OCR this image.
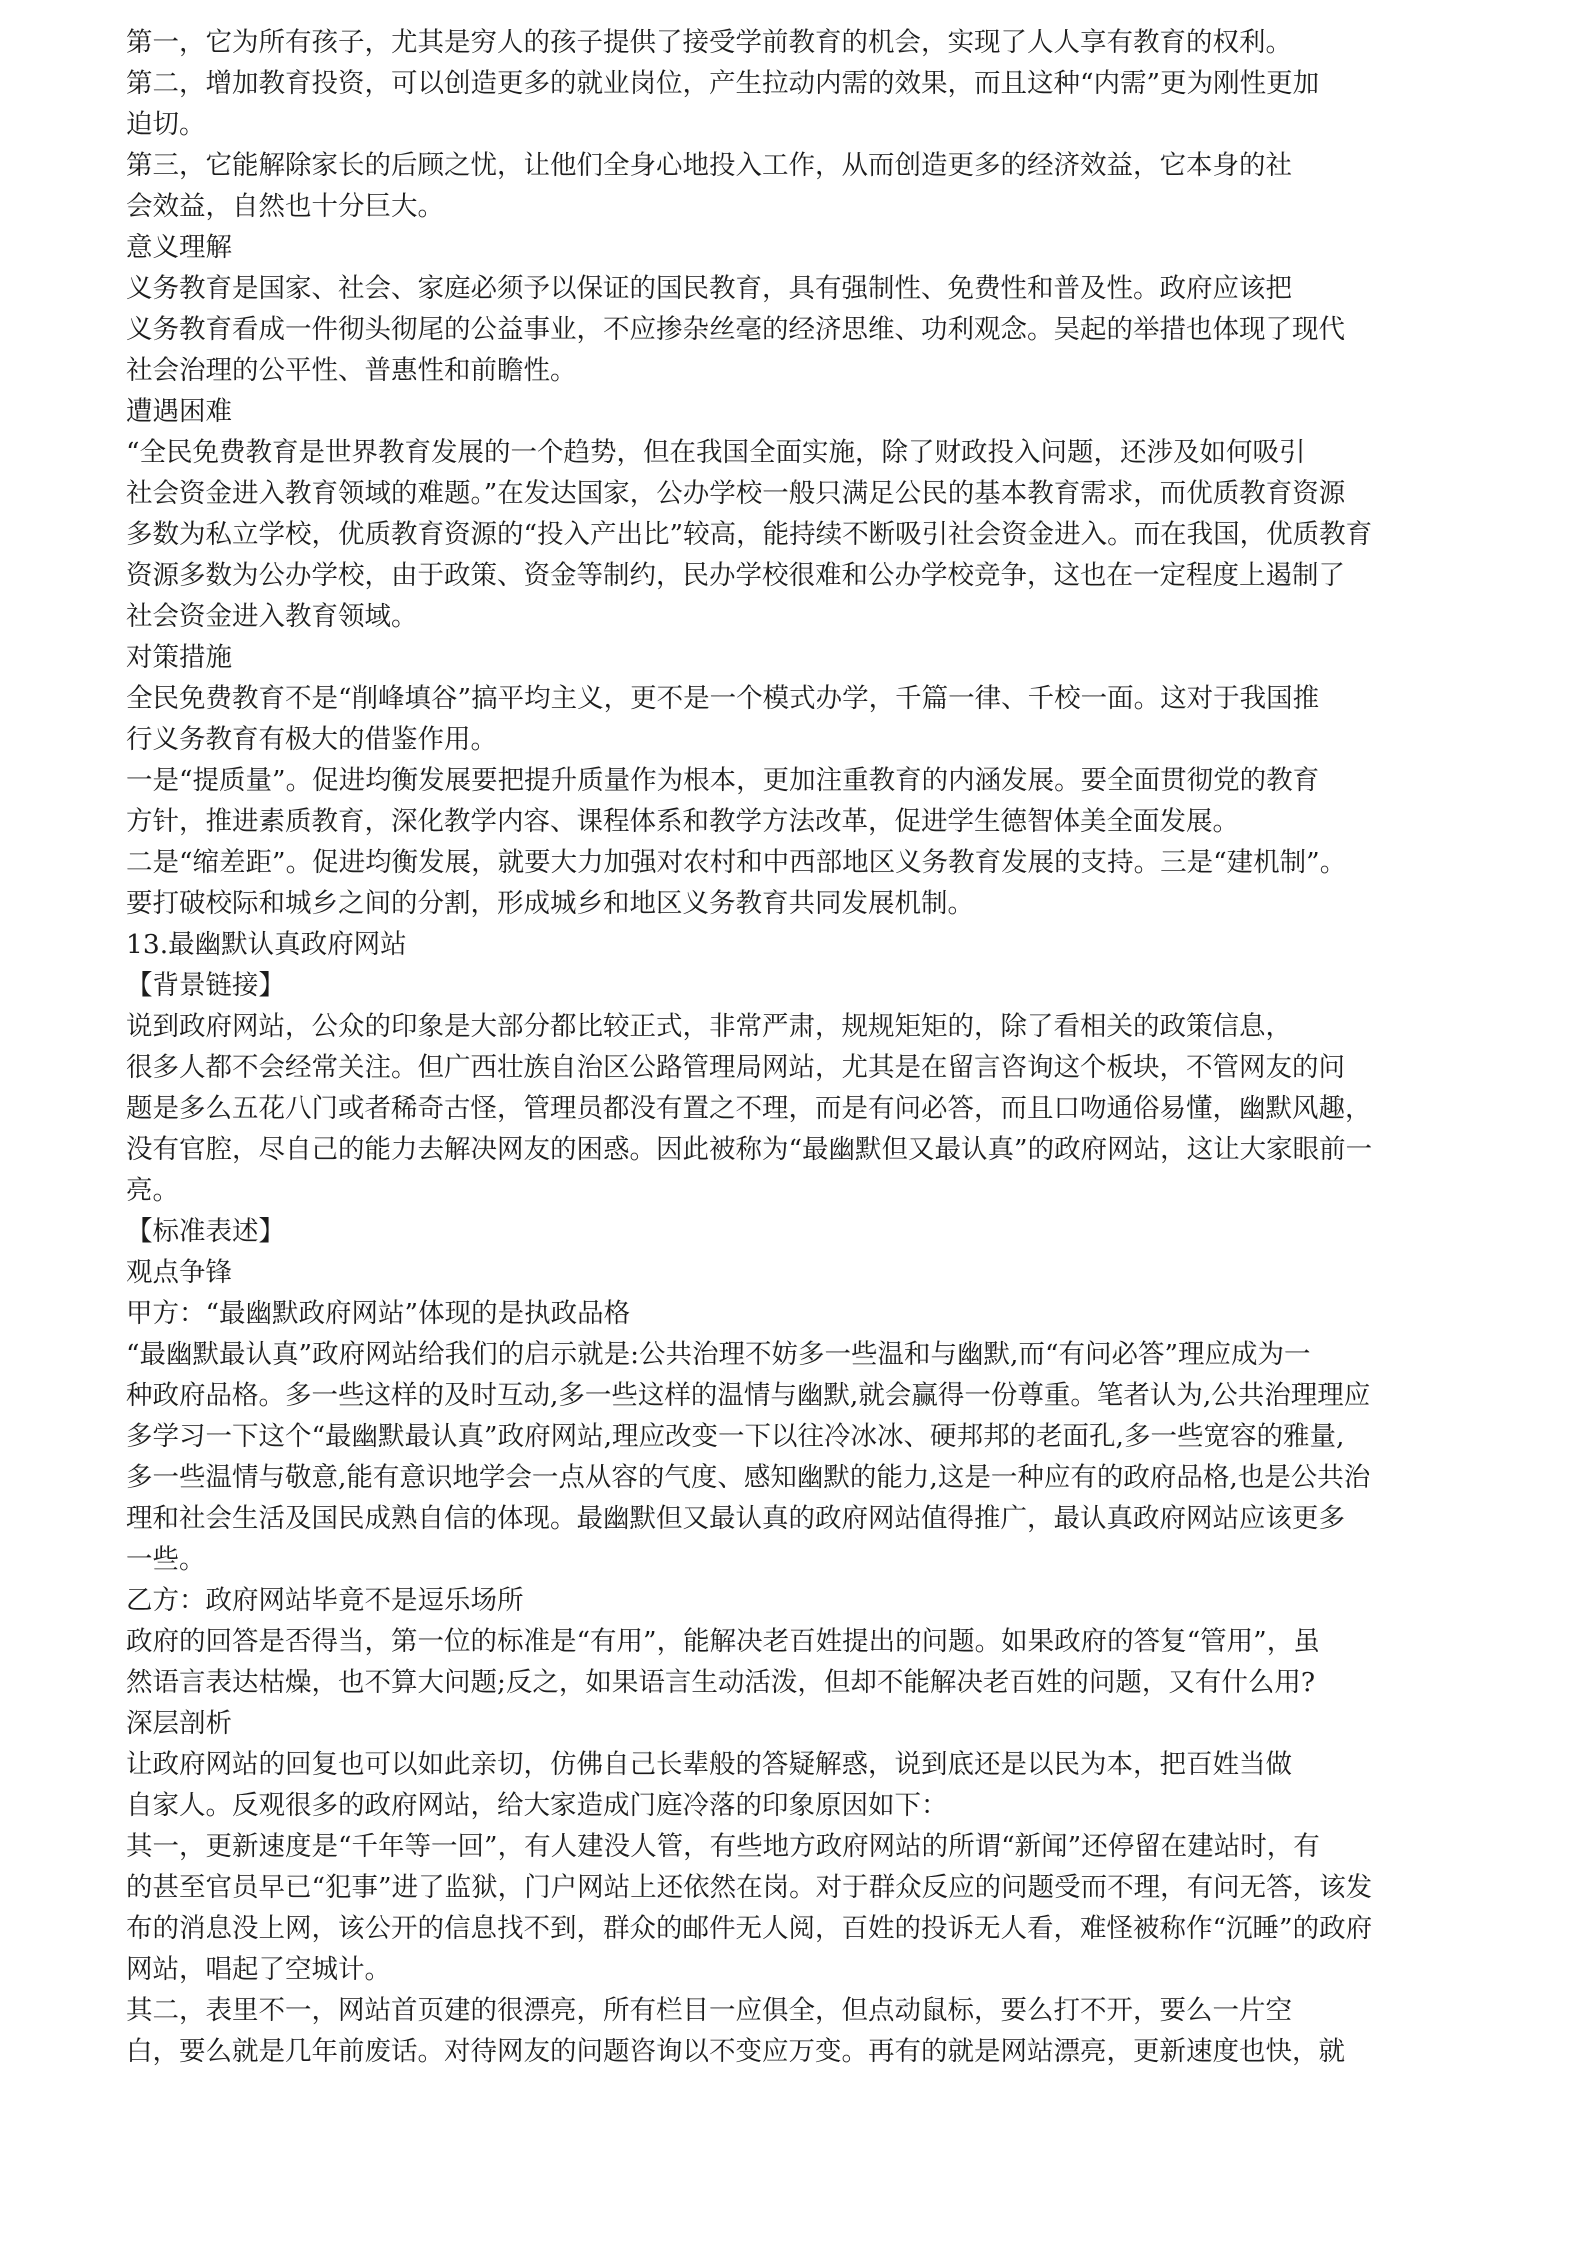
第一，它为所有孩子，尤其是穷人的孩子提供了接受学前教育的机会，实现了人人享有教育的权利。
第二，增加教育投资，可以创造更多的就业岗位，产生拉动内需的效果，而且这种“内需”更为刚性更加
迫切。
第三，它能解除家长的后顾之忧，让他们全身心地投入工作，从而创造更多的经济效益，它本身的社
会效益，自然也十分巨大。
意义理解
义务教育是国家、社会、家庭必须予以保证的国民教育，具有强制性、免费性和普及性。政府应该把
义务教育看成一件彻头彻尾的公益事业，不应掺杂丝毫的经济思维、功利观念。吴起的举措也体现了现代
社会治理的公平性、普惠性和前瞻性。
遭遇困难
“全民免费教育是世界教育发展的一个趋势，但在我国全面实施，除了财政投入问题，还涉及如何吸引
社会资金进入教育领域的难题。”在发达国家，公办学校一般只满足公民的基本教育需求，而优质教育资源
多数为私立学校，优质教育资源的“投入产出比”较高，能持续不断吸引社会资金进入。而在我国，优质教育
资源多数为公办学校，由于政策、资金等制约，民办学校很难和公办学校竞争，这也在一定程度上遏制了
社会资金进入教育领域。
对策措施
全民免费教育不是“削峰填谷”搞平均主义，更不是一个模式办学，千篇一律、千校一面。这对于我国推
行义务教育有极大的借鉴作用。
一是“提质量”。促进均衡发展要把提升质量作为根本，更加注重教育的内涵发展。要全面贯彻党的教育
方针，推进素质教育，深化教学内容、课程体系和教学方法改革，促进学生德智体美全面发展。
二是“缩差距”。促进均衡发展，就要大力加强对农村和中西部地区义务教育发展的支持。三是“建机制”。
要打破校际和城乡之间的分割，形成城乡和地区义务教育共同发展机制。
13.最幽默认真政府网站
【背景链接】
说到政府网站，公众的印象是大部分都比较正式，非常严肃，规规矩矩的，除了看相关的政策信息，
很多人都不会经常关注。但广西壮族自治区公路管理局网站，尤其是在留言咨询这个板块，不管网友的问
题是多么五花八门或者稀奇古怪，管理员都没有置之不理，而是有问必答，而且口吻通俗易懂，幽默风趣，
没有官腔，尽自己的能力去解决网友的困惑。因此被称为“最幽默但又最认真”的政府网站，这让大家眼前一
亮。
【标准表述】
观点争锋
甲方：“最幽默政府网站”体现的是执政品格
“最幽默最认真”政府网站给我们的启示就是:公共治理不妨多一些温和与幽默,而“有问必答”理应成为一
种政府品格。多一些这样的及时互动,多一些这样的温情与幽默,就会赢得一份尊重。笔者认为,公共治理理应
多学习一下这个“最幽默最认真”政府网站,理应改变一下以往冷冰冰、硬邦邦的老面孔,多一些宽容的雅量,
多一些温情与敬意,能有意识地学会一点从容的气度、感知幽默的能力,这是一种应有的政府品格,也是公共治
理和社会生活及国民成熟自信的体现。最幽默但又最认真的政府网站值得推广，最认真政府网站应该更多
一些。
乙方：政府网站毕竟不是逗乐场所
政府的回答是否得当，第一位的标准是“有用”，能解决老百姓提出的问题。如果政府的答复“管用”，虽
然语言表达枯燥，也不算大问题;反之，如果语言生动活泼，但却不能解决老百姓的问题，又有什么用?
深层剖析
让政府网站的回复也可以如此亲切，仿佛自己长辈般的答疑解惑，说到底还是以民为本，把百姓当做
自家人。反观很多的政府网站，给大家造成门庭冷落的印象原因如下：
其一，更新速度是“千年等一回”，有人建没人管，有些地方政府网站的所谓“新闻”还停留在建站时，有
的甚至官员早已“犯事”进了监狱，门户网站上还依然在岗。对于群众反应的问题受而不理，有问无答，该发
布的消息没上网，该公开的信息找不到，群众的邮件无人阅，百姓的投诉无人看，难怪被称作“沉睡”的政府
网站，唱起了空城计。
其二，表里不一，网站首页建的很漂亮，所有栏目一应俱全，但点动鼠标，要么打不开，要么一片空
白，要么就是几年前废话。对待网友的问题咨询以不变应万变。再有的就是网站漂亮，更新速度也快，就
